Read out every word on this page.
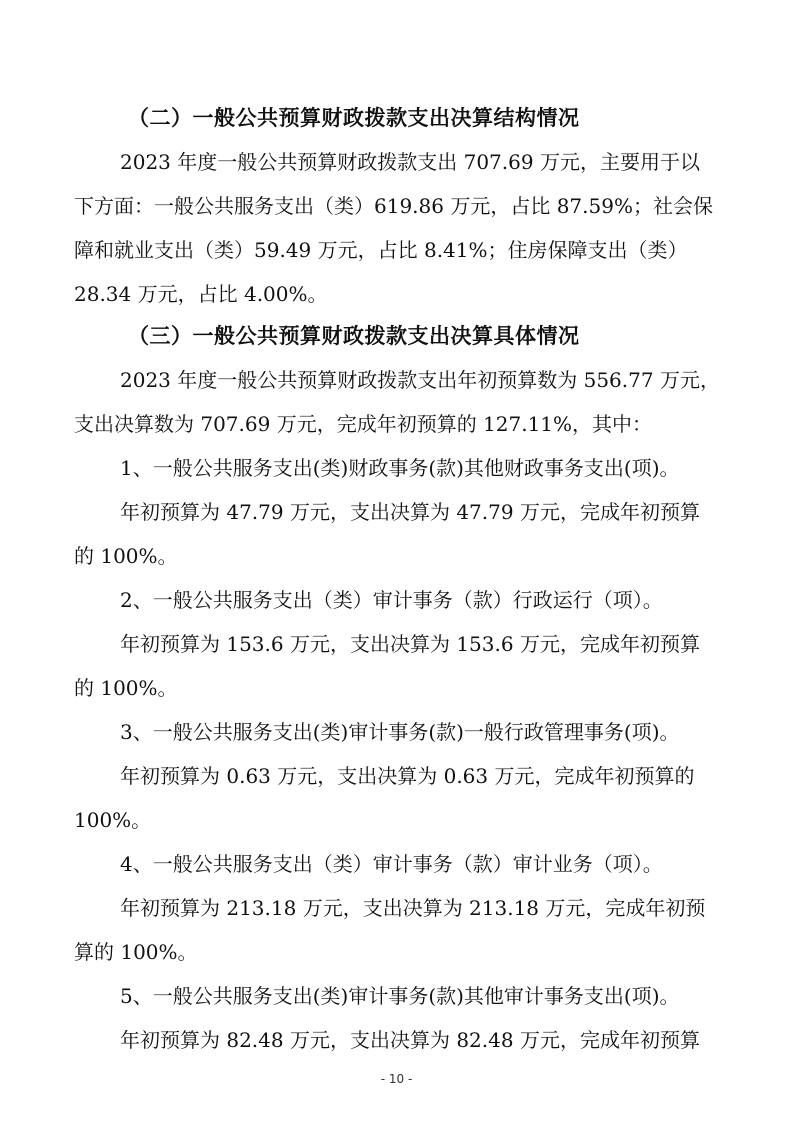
（二）一般公共预算财政拨款支出决算结构情况
2023 年度一般公共预算财政拨款支出 707.69 万元，主要用于以
下方面：一般公共服务支出（类）619.86 万元，占比 87.59%；社会保
障和就业支出（类）59.49 万元，占比 8.41%；住房保障支出（类）
28.34 万元，占比 4.00%。
（三）一般公共预算财政拨款支出决算具体情况
2023 年度一般公共预算财政拨款支出年初预算数为 556.77 万元，
支出决算数为 707.69 万元，完成年初预算的 127.11%，其中：
1、一般公共服务支出(类)财政事务(款)其他财政事务支出(项)。
年初预算为 47.79 万元，支出决算为 47.79 万元，完成年初预算
的 100%。
2、一般公共服务支出（类）审计事务（款）行政运行（项）。
年初预算为 153.6 万元，支出决算为 153.6 万元，完成年初预算
的 100%。
3、一般公共服务支出(类)审计事务(款)一般行政管理事务(项)。
年初预算为 0.63 万元，支出决算为 0.63 万元，完成年初预算的
100%。
4、一般公共服务支出（类）审计事务（款）审计业务（项）。
年初预算为 213.18 万元，支出决算为 213.18 万元，完成年初预
算的 100%。
5、一般公共服务支出(类)审计事务(款)其他审计事务支出(项)。
年初预算为 82.48 万元，支出决算为 82.48 万元，完成年初预算
- 10 -
